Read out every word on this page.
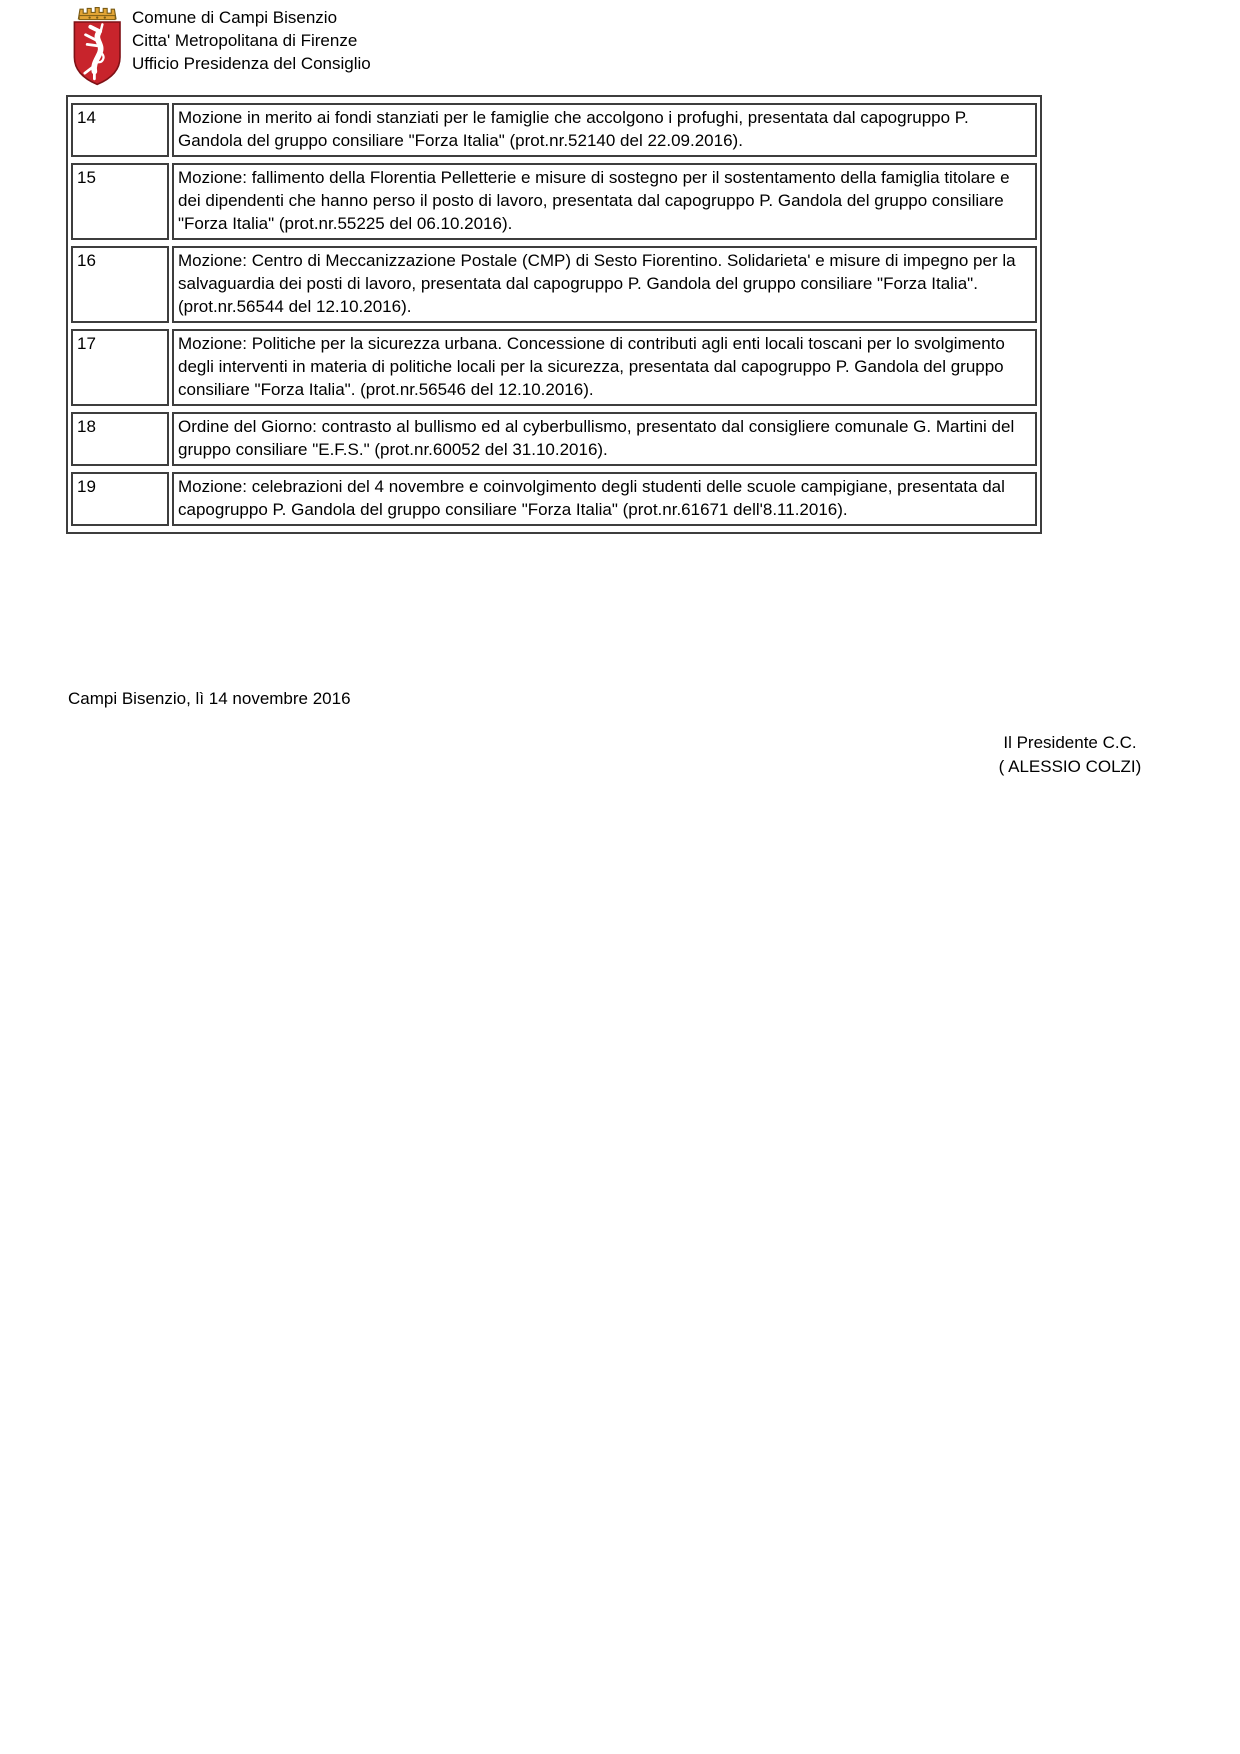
Comune di Campi Bisenzio
Citta' Metropolitana di Firenze
Ufficio Presidenza del Consiglio
14	Mozione in merito ai fondi stanziati per le famiglie che accolgono i profughi, presentata dal capogruppo P. Gandola del gruppo consiliare "Forza Italia" (prot.nr.52140 del 22.09.2016).
15	Mozione: fallimento della Florentia Pelletterie e misure di sostegno per il sostentamento della famiglia titolare e dei dipendenti che hanno perso il posto di lavoro, presentata dal capogruppo P. Gandola del gruppo consiliare "Forza Italia" (prot.nr.55225 del 06.10.2016).
16	Mozione: Centro di Meccanizzazione Postale (CMP) di Sesto Fiorentino. Solidarieta' e misure di impegno per la salvaguardia dei posti di lavoro, presentata dal capogruppo P. Gandola del gruppo consiliare "Forza Italia". (prot.nr.56544 del 12.10.2016).
17	Mozione: Politiche per la sicurezza urbana. Concessione di contributi agli enti locali toscani per lo svolgimento degli interventi in materia di politiche locali per la sicurezza, presentata dal capogruppo P. Gandola del gruppo consiliare "Forza Italia". (prot.nr.56546 del 12.10.2016).
18	Ordine del Giorno: contrasto al bullismo ed al cyberbullismo, presentato dal consigliere comunale G. Martini del gruppo consiliare "E.F.S." (prot.nr.60052 del 31.10.2016).
19	Mozione: celebrazioni del 4 novembre e coinvolgimento degli studenti delle scuole campigiane, presentata dal capogruppo P. Gandola del gruppo consiliare "Forza Italia" (prot.nr.61671 dell'8.11.2016).
Campi Bisenzio, lì 14 novembre 2016
Il Presidente C.C.
( ALESSIO COLZI)
